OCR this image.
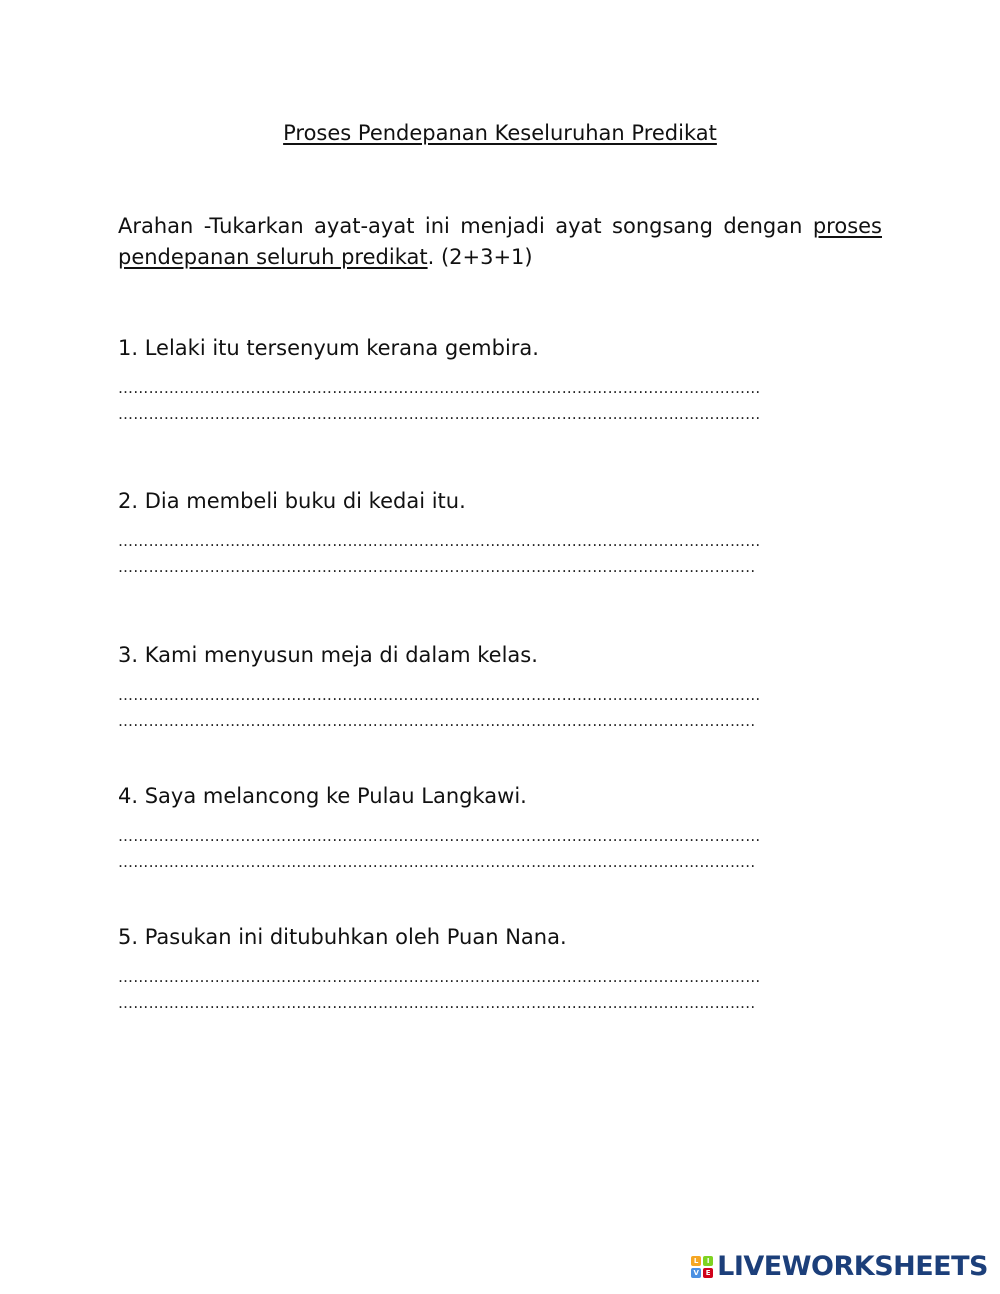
Proses Pendepanan Keseluruhan Predikat

Arahan -Tukarkan ayat-ayat ini menjadi ayat songsang dengan proses pendepanan seluruh predikat. (2+3+1)

1. Lelaki itu tersenyum kerana gembira.

………………………………………………………………………………………………………………

……………………………………………………………………………………………………………...

2. Dia membeli buku di kedai itu.

………………………………………………………………………………………………………………

……………………………………………………………………………………………………………..

3. Kami menyusun meja di dalam kelas.

………………………………………………………………………………………………………………

……………………………………………………………………………………………………………..

4. Saya melancong ke Pulau Langkawi.

………………………………………………………………………………………………………………

……………………………………………………………………………………………………………..

5. Pasukan ini ditubuhkan oleh Puan Nana.

………………………………………………………………………………………………………………

……………………………………………………………………………………………………………..

L	I
V E LIVEWORKSHEETS
